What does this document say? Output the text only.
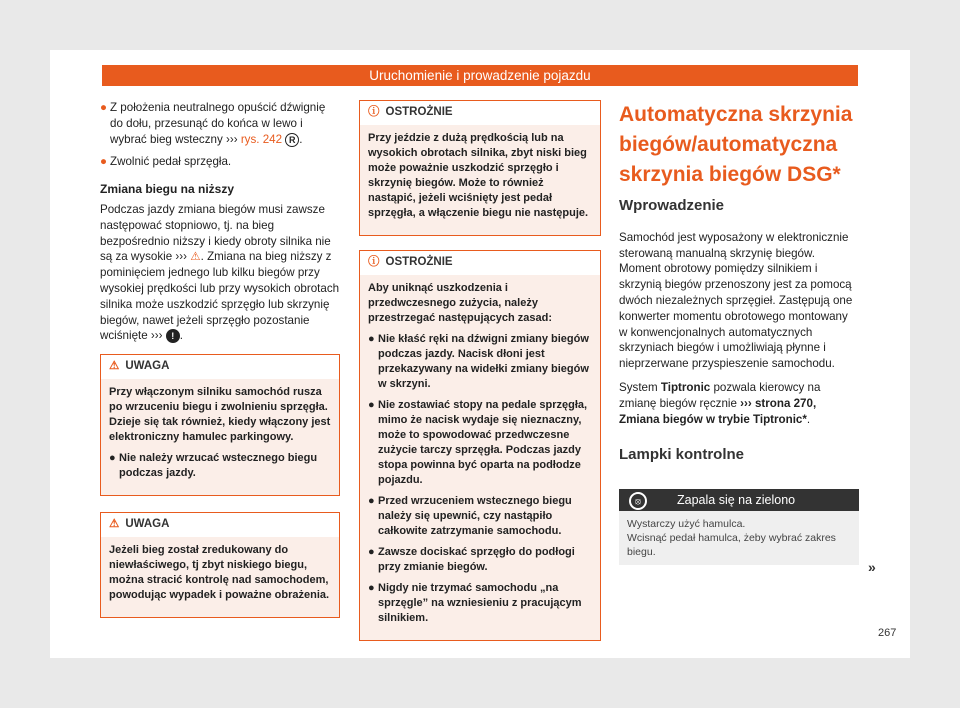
Uruchomienie i prowadzenie pojazdu
● Z położenia neutralnego opuścić dźwignię do dołu, przesunąć do końca w lewo i wybrać bieg wsteczny ››› rys. 242 R .
● Zwolnić pedał sprzęgła.
Zmiana biegu na niższy

Podczas jazdy zmiana biegów musi zawsze następować stopniowo, tj. na bieg bezpośrednio niższy i kiedy obroty silnika nie są za wysokie ››› ⚠. Zmiana na bieg niższy z pominięciem jednego lub kilku biegów przy wysokiej prędkości lub przy wysokich obrotach silnika może uszkodzić sprzęgło lub skrzynię biegów, nawet jeżeli sprzęgło pozostanie wciśnięte ››› ! .

⚠ UWAGA

Przy włączonym silniku samochód rusza po wrzuceniu biegu i zwolnieniu sprzęgła. Dzieje się tak również, kiedy włączony jest elektroniczny hamulec parkingowy.

● Nie należy wrzucać wstecznego biegu podczas jazdy.
⚠ UWAGA

Jeżeli bieg został zredukowany do niewłaściwego, tj zbyt niskiego biegu, można stracić kontrolę nad samochodem, powodując wypadek i poważne obrażenia.

ⓘ OSTROŻNIE

Przy jeździe z dużą prędkością lub na wysokich obrotach silnika, zbyt niski bieg może poważnie uszkodzić sprzęgło i skrzynię biegów. Może to również nastąpić, jeżeli wciśnięty jest pedał sprzęgła, a włączenie biegu nie następuje.

ⓘ OSTROŻNIE

Aby uniknąć uszkodzenia i przedwczesnego zużycia, należy przestrzegać następujących zasad:

● Nie kłaść ręki na dźwigni zmiany biegów podczas jazdy. Nacisk dłoni jest przekazywany na widełki zmiany biegów w skrzyni.
● Nie zostawiać stopy na pedale sprzęgła, mimo że nacisk wydaje się nieznaczny, może to spowodować przedwczesne zużycie tarczy sprzęgła. Podczas jazdy stopa powinna być oparta na podłodze pojazdu.
● Przed wrzuceniem wstecznego biegu należy się upewnić, czy nastąpiło całkowite zatrzymanie samochodu.
● Zawsze dociskać sprzęgło do podłogi przy zmianie biegów.
● Nigdy nie trzymać samochodu „na sprzęgle” na wzniesieniu z pracującym silnikiem.
Automatyczna skrzynia biegów/automatyczna skrzynia biegów DSG*
Wprowadzenie

Samochód jest wyposażony w elektronicznie sterowaną manualną skrzynię biegów. Moment obrotowy pomiędzy silnikiem i skrzynią biegów przenoszony jest za pomocą dwóch niezależnych sprzęgieł. Zastępują one konwerter momentu obrotowego montowany w konwencjonalnych automatycznych skrzyniach biegów i umożliwiają płynne i nieprzerwane przyspieszenie samochodu.

System Tiptronic pozwala kierowcy na zmianę biegów ręcznie ››› strona 270, Zmiana biegów w trybie Tiptronic*.

Lampki kontrolne
⦻	Zapala się na zielono
Wystarczy użyć hamulca.
Wcisnąć pedał hamulca, żeby wybrać zakres biegu.
»
267
